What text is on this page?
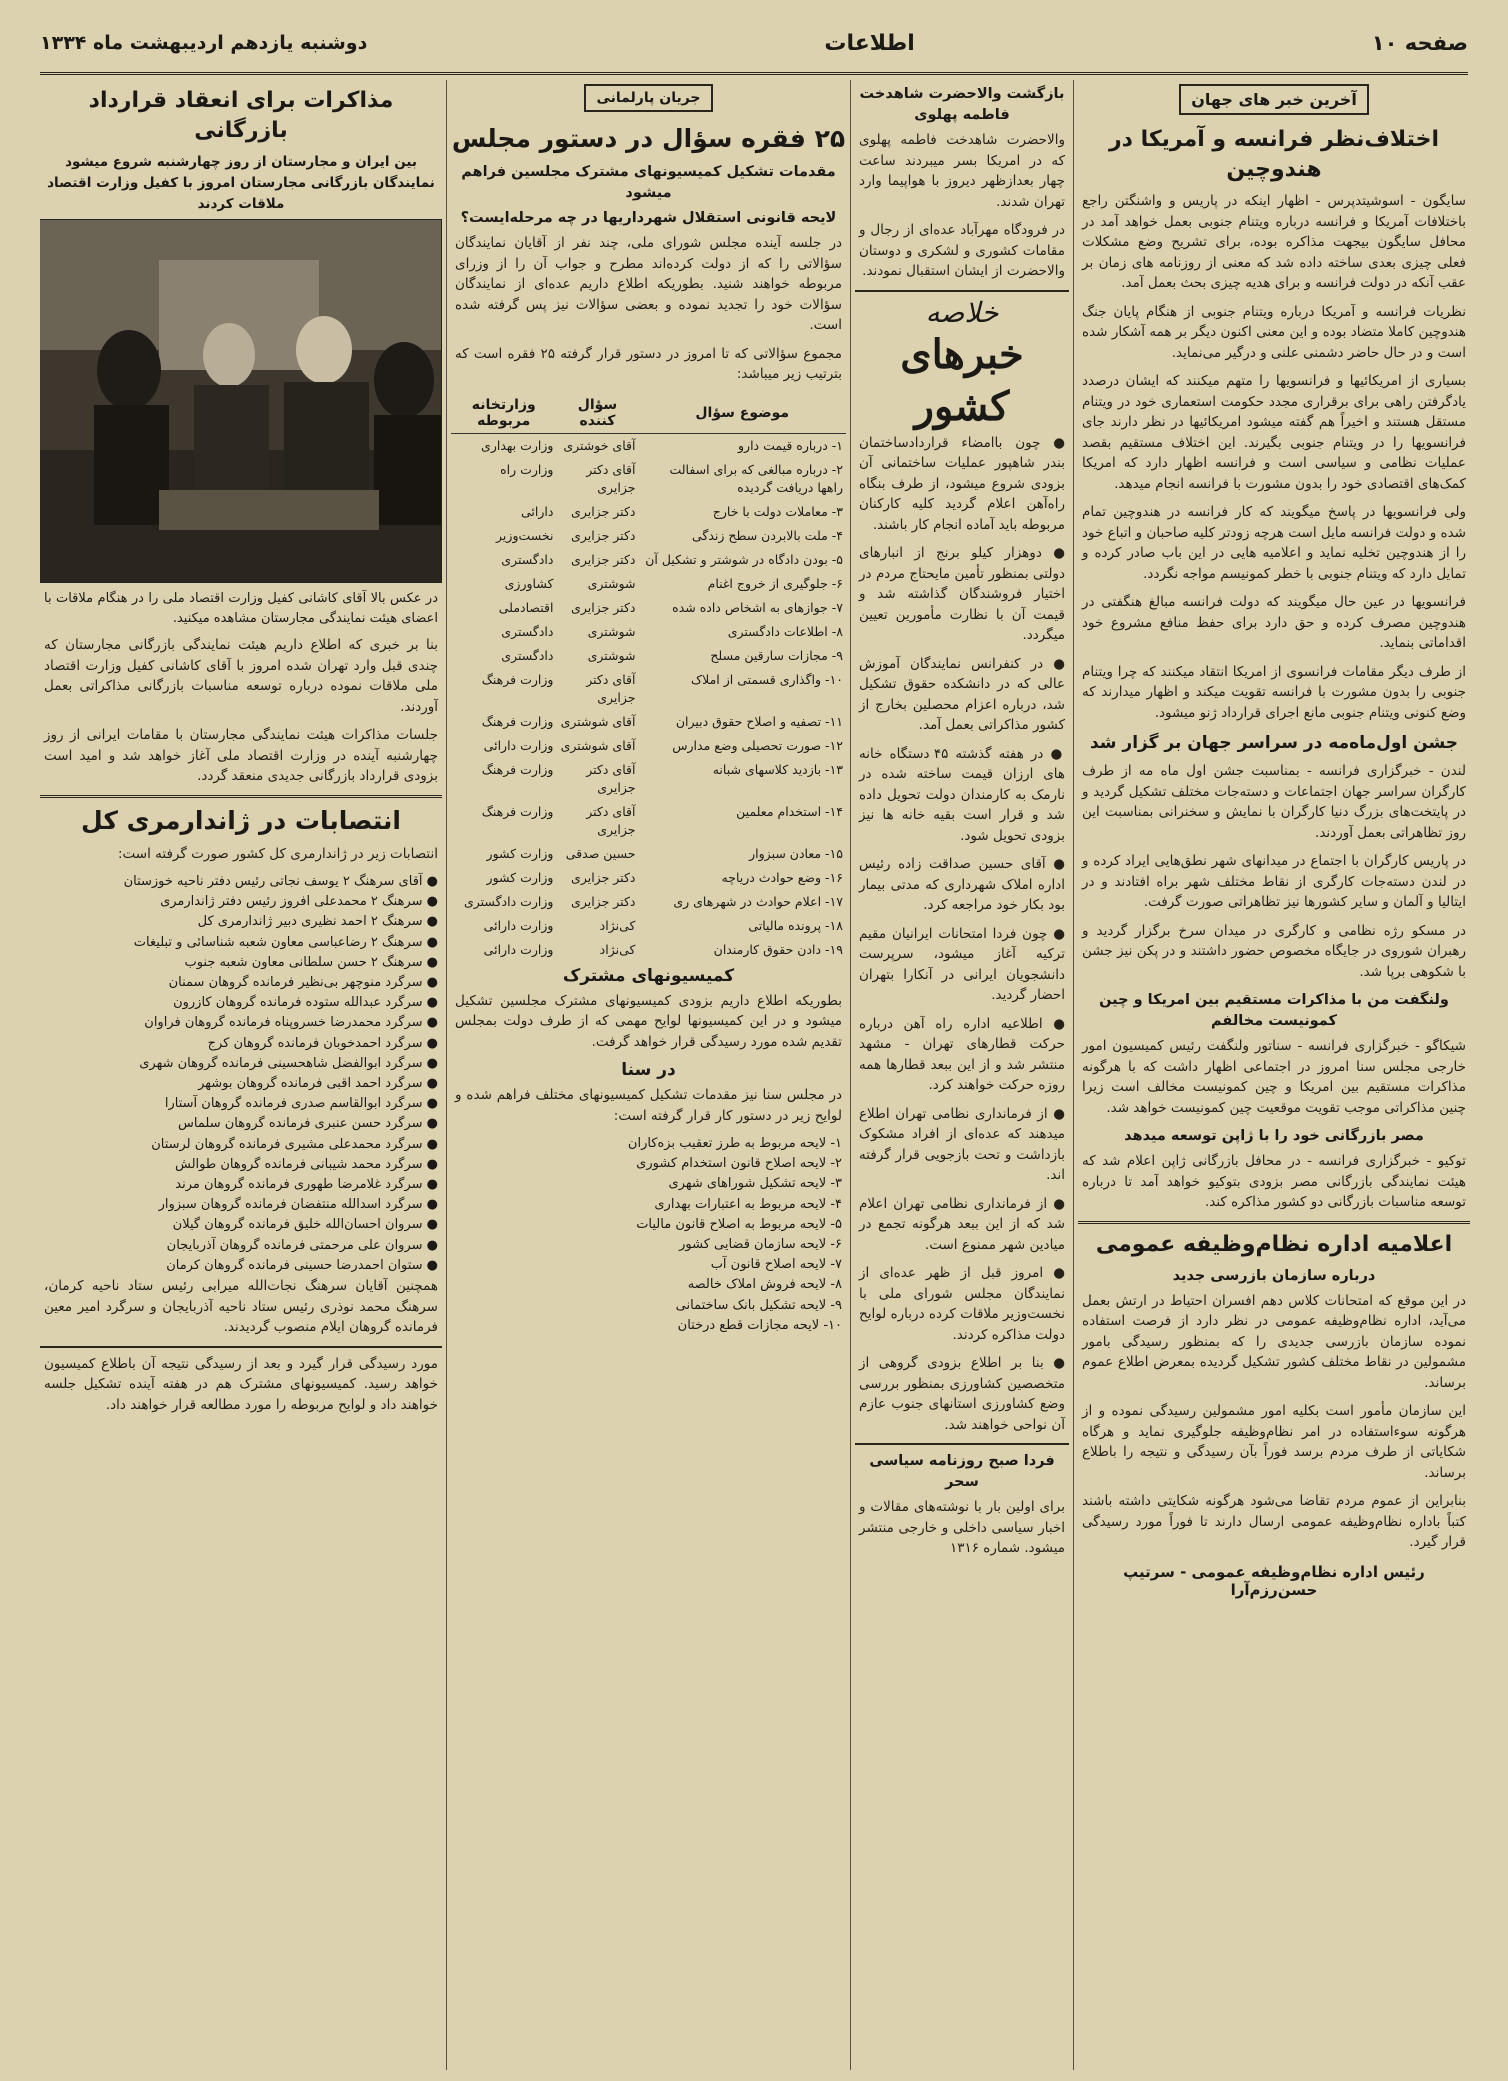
صفحه ۱۰
اطلاعات
دوشنبه یازدهم اردیبهشت ماه ۱۳۳۴
آخرین خبر های جهان
اختلاف‌نظر فرانسه و آمریکا در هندوچین

سایگون - اسوشیتدپرس - اظهار اینکه در پاریس و واشنگتن راجع باختلافات آمریکا و فرانسه درباره ویتنام جنوبی بعمل خواهد آمد در محافل سایگون بیجهت مذاکره بوده، برای تشریح وضع مشکلات فعلی چیزی بعدی ساخته داده شد که معنی از روزنامه های زمان بر عقب آنکه در دولت فرانسه و برای هدیه چیزی بحث بعمل آمد.

نظریات فرانسه و آمریکا درباره ویتنام جنوبی از هنگام پایان جنگ هندوچین کاملا متضاد بوده و این معنی اکنون دیگر بر همه آشکار شده است و در حال حاضر دشمنی علنی و درگیر می‌نماید.

بسیاری از امریکائیها و فرانسویها را متهم میکنند که ایشان درصدد یادگرفتن راهی برای برقراری مجدد حکومت استعماری خود در ویتنام مستقل هستند و اخیراً هم گفته میشود امریکائیها در نظر دارند جای فرانسویها را در ویتنام جنوبی بگیرند. این اختلاف مستقیم بقصد عملیات نظامی و سیاسی است و فرانسه اظهار دارد که امریکا کمک‌های اقتصادی خود را بدون مشورت با فرانسه انجام میدهد.

ولی فرانسویها در پاسخ میگویند که کار فرانسه در هندوچین تمام شده و دولت فرانسه مایل است هرچه زودتر کلیه صاحبان و اتباع خود را از هندوچین تخلیه نماید و اعلامیه هایی در این باب صادر کرده و تمایل دارد که ویتنام جنوبی با خطر کمونیسم مواجه نگردد.

فرانسویها در عین حال میگویند که دولت فرانسه مبالغ هنگفتی در هندوچین مصرف کرده و حق دارد برای حفظ منافع مشروع خود اقداماتی بنماید.

از طرف دیگر مقامات فرانسوی از امریکا انتقاد میکنند که چرا ویتنام جنوبی را بدون مشورت با فرانسه تقویت میکند و اظهار میدارند که وضع کنونی ویتنام جنوبی مانع اجرای قرارداد ژنو میشود.

جشن اول‌ماه‌مه در سراسر جهان بر گزار شد

لندن - خبرگزاری فرانسه - بمناسبت جشن اول ماه مه از طرف کارگران سراسر جهان اجتماعات و دسته‌جات مختلف تشکیل گردید و در پایتخت‌های بزرگ دنیا کارگران با نمایش و سخنرانی بمناسبت این روز تظاهراتی بعمل آوردند.

در پاریس کارگران با اجتماع در میدانهای شهر نطق‌هایی ایراد کرده و در لندن دسته‌جات کارگری از نقاط مختلف شهر براه افتادند و در ایتالیا و آلمان و سایر کشورها نیز تظاهراتی صورت گرفت.

در مسکو رژه نظامی و کارگری در میدان سرخ برگزار گردید و رهبران شوروی در جایگاه مخصوص حضور داشتند و در پکن نیز جشن با شکوهی برپا شد.

ولنگفت من با مذاکرات مستقیم بین امریکا و چین کمونیست مخالفم

شیکاگو - خبرگزاری فرانسه - سناتور ولنگفت رئیس کمیسیون امور خارجی مجلس سنا امروز در اجتماعی اظهار داشت که با هرگونه مذاکرات مستقیم بین امریکا و چین کمونیست مخالف است زیرا چنین مذاکراتی موجب تقویت موقعیت چین کمونیست خواهد شد.

مصر بازرگانی خود را با ژاپن توسعه میدهد

توکیو - خبرگزاری فرانسه - در محافل بازرگانی ژاپن اعلام شد که هیئت نمایندگی بازرگانی مصر بزودی بتوکیو خواهد آمد تا درباره توسعه مناسبات بازرگانی دو کشور مذاکره کند.

اعلامیه اداره نظام‌وظیفه عمومی
درباره سازمان بازرسی جدید

در این موقع که امتحانات کلاس دهم افسران احتیاط در ارتش بعمل می‌آید، اداره نظام‌وظیفه عمومی در نظر دارد از فرصت استفاده نموده سازمان بازرسی جدیدی را که بمنظور رسیدگی بامور مشمولین در نقاط مختلف کشور تشکیل گردیده بمعرض اطلاع عموم برساند.

این سازمان مأمور است بکلیه امور مشمولین رسیدگی نموده و از هرگونه سوءاستفاده در امر نظام‌وظیفه جلوگیری نماید و هرگاه شکایاتی از طرف مردم برسد فوراً بآن رسیدگی و نتیجه را باطلاع برساند.

بنابراین از عموم مردم تقاضا می‌شود هرگونه شکایتی داشته باشند کتباً باداره نظام‌وظیفه عمومی ارسال دارند تا فوراً مورد رسیدگی قرار گیرد.

رئیس اداره نظام‌وظیفه عمومی - سرتیپ حسن‌رزم‌آرا
بازگشت والاحضرت شاهدخت فاطمه پهلوی

والاحضرت شاهدخت فاطمه پهلوی که در امریکا بسر میبردند ساعت چهار بعدازظهر دیروز با هواپیما وارد تهران شدند.

در فرودگاه مهرآباد عده‌ای از رجال و مقامات کشوری و لشکری و دوستان والاحضرت از ایشان استقبال نمودند.

خلاصه
خبرهای کشور

● چون باامضاء قرارداد‌ساختمان بندر شاهپور عملیات ساختمانی آن بزودی شروع میشود، از طرف بنگاه راه‌آهن اعلام گردید کلیه کارکنان مربوطه باید آماده انجام کار باشند.

● دوهزار کیلو برنج از انبارهای دولتی بمنظور تأمین مایحتاج مردم در اختیار فروشندگان گذاشته شد و قیمت آن با نظارت مأمورین تعیین میگردد.

● در کنفرانس نمایندگان آموزش عالی که در دانشکده حقوق تشکیل شد، درباره اعزام محصلین بخارج از کشور مذاکراتی بعمل آمد.

● در هفته گذشته ۴۵ دستگاه خانه های ارزان قیمت ساخته شده در نارمک به کارمندان دولت تحویل داده شد و قرار است بقیه خانه ها نیز بزودی تحویل شود.

● آقای حسین صداقت زاده رئیس اداره املاک شهرداری که مدتی بیمار بود بکار خود مراجعه کرد.

● چون فردا امتحانات ایرانیان مقیم ترکیه آغاز میشود، سرپرست دانشجویان ایرانی در آنکارا بتهران احضار گردید.

● اطلاعیه اداره راه آهن درباره حرکت قطارهای تهران - مشهد منتشر شد و از این ببعد قطارها همه روزه حرکت خواهند کرد.

● از فرمانداری نظامی تهران اطلاع میدهند که عده‌ای از افراد مشکوک بازداشت و تحت بازجویی قرار گرفته اند.

● از فرمانداری نظامی تهران اعلام شد که از این ببعد هرگونه تجمع در میادین شهر ممنوع است.

● امروز قبل از ظهر عده‌ای از نمایندگان مجلس شورای ملی با نخست‌وزیر ملاقات کرده درباره لوایح دولت مذاکره کردند.

● بنا بر اطلاع بزودی گروهی از متخصصین کشاورزی بمنظور بررسی وضع کشاورزی استانهای جنوب عازم آن نواحی خواهند شد.

فردا صبح روزنامه سیاسی سحر

برای اولین بار با نوشته‌های مقالات و اخبار سیاسی داخلی و خارجی منتشر میشود. شماره ۱۳۱۶

جریان پارلمانی
۲۵ فقره سؤال در دستور مجلس
مقدمات تشکیل کمیسیونهای مشترک مجلسین فراهم میشود
لایحه قانونی استقلال شهرداریها در چه مرحله‌ایست؟

در جلسه آینده مجلس شورای ملی، چند نفر از آقایان نمایندگان سؤالاتی را که از دولت کرده‌اند مطرح و جواب آن را از وزرای مربوطه خواهند شنید. بطوریکه اطلاع داریم عده‌ای از نمایندگان سؤالات خود را تجدید نموده و بعضی سؤالات نیز پس گرفته شده است.

مجموع سؤالاتی که تا امروز در دستور قرار گرفته ۲۵ فقره است که بترتیب زیر میباشد:

موضوع سؤال	سؤال کننده	وزارتخانه مربوطه
۱- درباره قیمت دارو	آقای خوشتری	وزارت بهداری
۲- درباره مبالغی که برای اسفالت راهها دریافت گردیده	آقای دکتر جزایری	وزارت راه
۳- معاملات دولت با خارج	دکتر جزایری	دارائی
۴- ملت بالابردن سطح زندگی	دکتر جزایری	نخست‌وزیر
۵- بودن دادگاه در شوشتر و تشکیل آن	دکتر جزایری	دادگستری
۶- جلوگیری از خروج اغنام	شوشتری	کشاورزی
۷- جوازهای به اشخاص داده شده	دکتر جزایری	اقتصادملی
۸- اطلاعات دادگستری	شوشتری	دادگستری
۹- مجازات سارقین مسلح	شوشتری	دادگستری
۱۰- واگذاری قسمتی از املاک	آقای دکتر جزایری	وزارت فرهنگ
۱۱- تصفیه و اصلاح حقوق دبیران	آقای شوشتری	وزارت فرهنگ
۱۲- صورت تحصیلی وضع مدارس	آقای شوشتری	وزارت دارائی
۱۳- بازدید کلاسهای شبانه	آقای دکتر جزایری	وزارت فرهنگ
۱۴- استخدام معلمین	آقای دکتر جزایری	وزارت فرهنگ
۱۵- معادن سبزوار	حسین صدقی	وزارت کشور
۱۶- وضع حوادث دریاچه	دکتر جزایری	وزارت کشور
۱۷- اعلام حوادث در شهرهای ری	دکتر جزایری	وزارت دادگستری
۱۸- پرونده مالیاتی	کی‌نژاد	وزارت دارائی
۱۹- دادن حقوق کارمندان	کی‌نژاد	وزارت دارائی
کمیسیونهای مشترک

بطوریکه اطلاع داریم بزودی کمیسیونهای مشترک مجلسین تشکیل میشود و در این کمیسیونها لوایح مهمی که از طرف دولت بمجلس تقدیم شده مورد رسیدگی قرار خواهد گرفت.

در سنا

در مجلس سنا نیز مقدمات تشکیل کمیسیونهای مختلف فراهم شده و لوایح زیر در دستور کار قرار گرفته است:

۱- لایحه مربوط به طرز تعقیب بزه‌کاران
۲- لایحه اصلاح قانون استخدام کشوری
۳- لایحه تشکیل شوراهای شهری
۴- لایحه مربوط به اعتبارات بهداری
۵- لایحه مربوط به اصلاح قانون مالیات
۶- لایحه سازمان قضایی کشور
۷- لایحه اصلاح قانون آب
۸- لایحه فروش املاک خالصه
۹- لایحه تشکیل بانک ساختمانی
۱۰- لایحه مجازات قطع درختان
مذاکرات برای انعقاد قرارداد بازرگانی
بین ایران و مجارستان از روز چهارشنبه شروع میشود نمایندگان بازرگانی مجارستان امروز با کفیل وزارت اقتصاد ملاقات کردند

در عکس بالا آقای کاشانی کفیل وزارت اقتصاد ملی را در هنگام ملاقات با اعضای هیئت نمایندگی مجارستان مشاهده میکنید.

بنا بر خبری که اطلاع داریم هیئت نمایندگی بازرگانی مجارستان که چندی قبل وارد تهران شده امروز با آقای کاشانی کفیل وزارت اقتصاد ملی ملاقات نموده درباره توسعه مناسبات بازرگانی مذاکراتی بعمل آوردند.

جلسات مذاکرات هیئت نمایندگی مجارستان با مقامات ایرانی از روز چهارشنبه آینده در وزارت اقتصاد ملی آغاز خواهد شد و امید است بزودی قرارداد بازرگانی جدیدی منعقد گردد.

انتصابات در ژاندارمری کل

انتصابات زیر در ژاندارمری کل کشور صورت گرفته است:

● آقای سرهنگ ۲ یوسف نجاتی رئیس دفتر ناحیه خوزستان
● سرهنگ ۲ محمدعلی افروز رئیس دفتر ژاندارمری
● سرهنگ ۲ احمد نظیری دبیر ژاندارمری کل
● سرهنگ ۲ رضاعباسی معاون شعبه شناسائی و تبلیغات
● سرهنگ ۲ حسن سلطانی معاون شعبه جنوب
● سرگرد منوچهر بی‌نظیر فرمانده گروهان سمنان
● سرگرد عبدالله ستوده فرمانده گروهان کازرون
● سرگرد محمدرضا خسروپناه فرمانده گروهان فراوان
● سرگرد احمدخوبان فرمانده گروهان کرج
● سرگرد ابوالفضل شاهحسینی فرمانده گروهان شهری
● سرگرد احمد اقبی فرمانده گروهان بوشهر
● سرگرد ابوالقاسم صدری فرمانده گروهان آستارا
● سرگرد حسن عنبری فرمانده گروهان سلماس
● سرگرد محمدعلی مشیری فرمانده گروهان لرستان
● سرگرد محمد شیبانی فرمانده گروهان طوالش
● سرگرد غلامرضا طهوری فرمانده گروهان مرند
● سرگرد اسدالله منتفضان فرمانده گروهان سبزوار
● سروان احسان‌الله خلیق فرمانده گروهان گیلان
● سروان علی مرحمتی فرمانده گروهان آذربایجان
● ستوان احمدرضا حسینی فرمانده گروهان کرمان

همچنین آقایان سرهنگ نجات‌الله میرابی رئیس ستاد ناحیه کرمان، سرهنگ محمد نوذری رئیس ستاد ناحیه آذربایجان و سرگرد امیر معین فرمانده گروهان ایلام منصوب گردیدند.

مورد رسیدگی قرار گیرد و بعد از رسیدگی نتیجه آن باطلاع کمیسیون خواهد رسید. کمیسیونهای مشترک هم در هفته آینده تشکیل جلسه خواهند داد و لوایح مربوطه را مورد مطالعه قرار خواهند داد.
